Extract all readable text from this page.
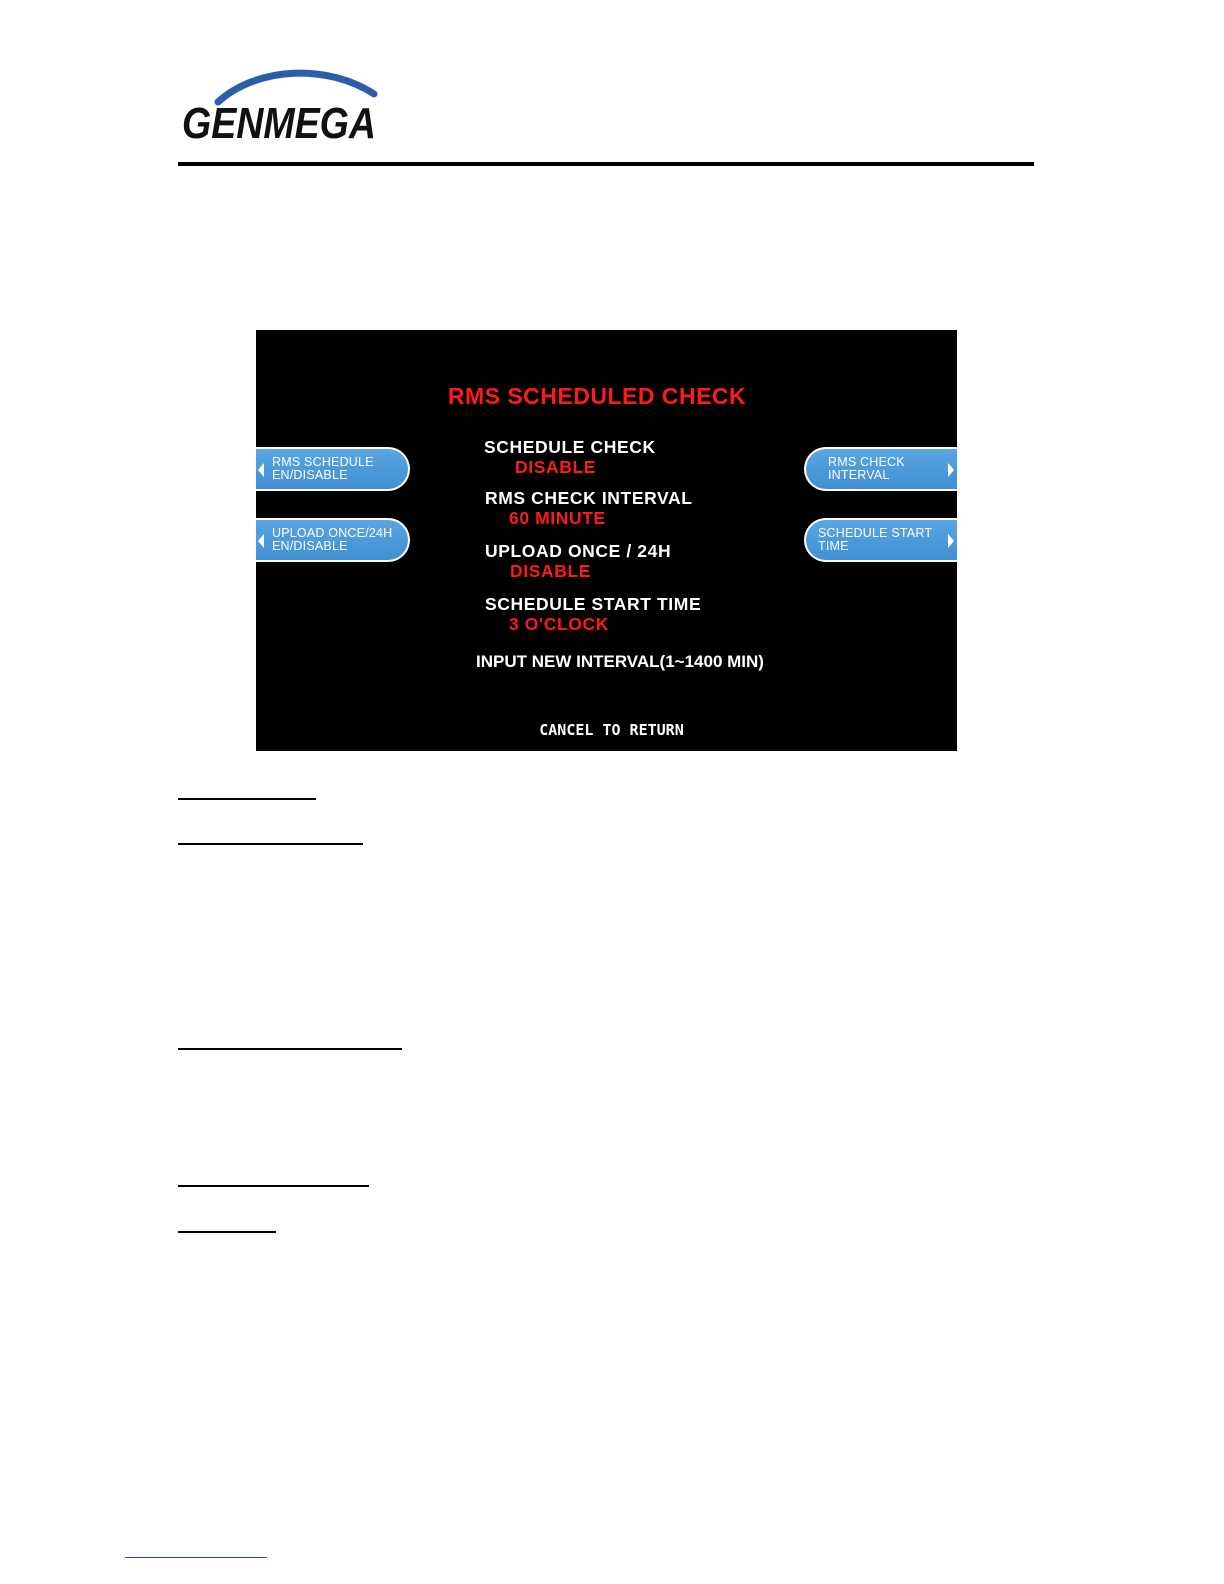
GENMEGA
RMS SCHEDULED CHECK
RMS SCHEDULE
EN/DISABLE
UPLOAD ONCE/24H
EN/DISABLE
RMS CHECK
INTERVAL
SCHEDULE START
TIME
SCHEDULE CHECK
DISABLE
RMS CHECK INTERVAL
60 MINUTE
UPLOAD ONCE / 24H
DISABLE
SCHEDULE START TIME
3 O'CLOCK
INPUT NEW INTERVAL(1~1400 MIN)
CANCEL TO RETURN
